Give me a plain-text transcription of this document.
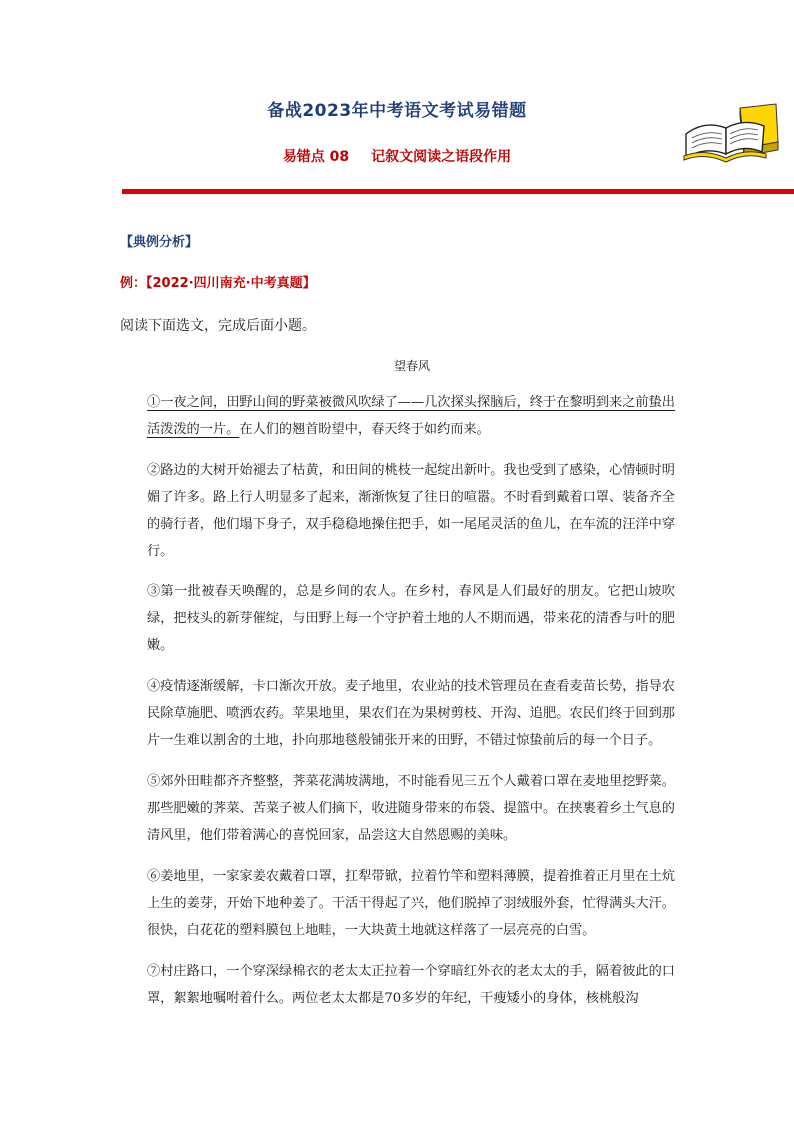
备战2023年中考语文考试易错题
易错点 08 记叙文阅读之语段作用
【典例分析】
例：【2022·四川南充·中考真题】
阅读下面选文，完成后面小题。
望春风
①一夜之间，田野山间的野菜被微风吹绿了——几次探头探脑后，终于在黎明到来之前蛰出活泼泼的一片。在人们的翘首盼望中，春天终于如约而来。
②路边的大树开始褪去了枯黄，和田间的桃枝一起绽出新叶。我也受到了感染，心情顿时明媚了许多。路上行人明显多了起来，渐渐恢复了往日的喧嚣。不时看到戴着口罩、装备齐全的骑行者，他们塌下身子，双手稳稳地操住把手，如一尾尾灵活的鱼儿，在车流的汪洋中穿行。
③第一批被春天唤醒的，总是乡间的农人。在乡村，春风是人们最好的朋友。它把山坡吹绿，把枝头的新芽催绽，与田野上每一个守护着土地的人不期而遇，带来花的清香与叶的肥嫩。
④疫情逐渐缓解，卡口渐次开放。麦子地里，农业站的技术管理员在查看麦苗长势，指导农民除草施肥、喷洒农药。苹果地里，果农们在为果树剪枝、开沟、追肥。农民们终于回到那片一生难以割舍的土地，扑向那地毯般铺张开来的田野，不错过惊蛰前后的每一个日子。
⑤郊外田畦都齐齐整整，荠菜花满坡满地，不时能看见三五个人戴着口罩在麦地里挖野菜。那些肥嫩的荠菜、苦菜子被人们摘下，收进随身带来的布袋、提篮中。在挟裹着乡土气息的清风里，他们带着满心的喜悦回家，品尝这大自然恩赐的美味。
⑥姜地里，一家家姜农戴着口罩，扛犁带锨，拉着竹竿和塑料薄膜，提着推着正月里在土炕上生的姜芽，开始下地种姜了。干活干得起了兴，他们脱掉了羽绒服外套，忙得满头大汗。很快，白花花的塑料膜包上地畦，一大块黄土地就这样落了一层亮亮的白雪。
⑦村庄路口，一个穿深绿棉衣的老太太正拉着一个穿暗红外衣的老太太的手，隔着彼此的口罩，絮絮地嘱咐着什么。两位老太太都是70多岁的年纪，干瘦矮小的身体，核桃般沟
